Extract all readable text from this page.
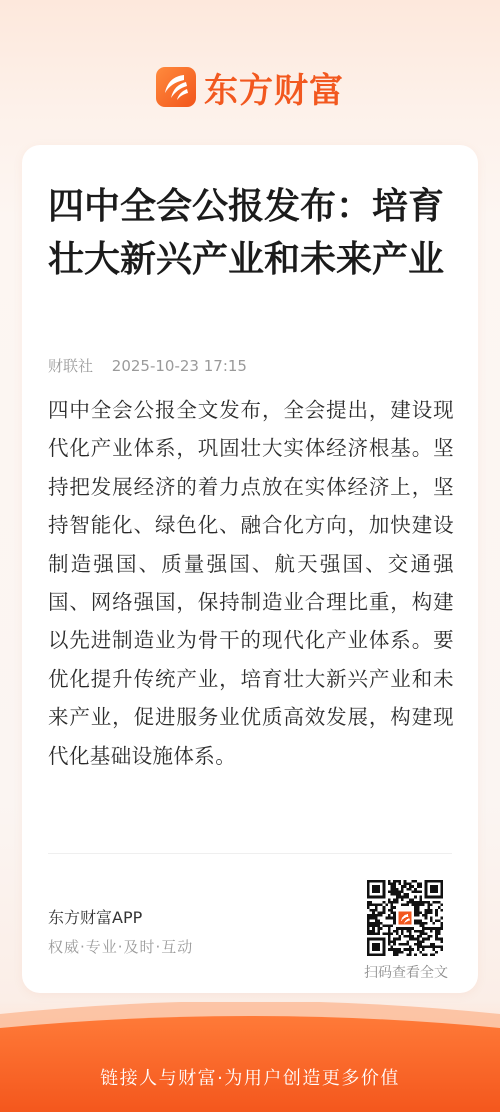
东方财富
四中全会公报发布：培育壮大新兴产业和未来产业
财联社 2025-10-23 17:15

四中全会公报全文发布，全会提出，建设现代化产业体系，巩固壮大实体经济根基。坚持把发展经济的着力点放在实体经济上，坚持智能化、绿色化、融合化方向，加快建设制造强国、质量强国、航天强国、交通强国、网络强国，保持制造业合理比重，构建以先进制造业为骨干的现代化产业体系。要优化提升传统产业，培育壮大新兴产业和未来产业，促进服务业优质高效发展，构建现代化基础设施体系。

东方财富APP
权威·专业·及时·互动
扫码查看全文
链接人与财富·为用户创造更多价值
